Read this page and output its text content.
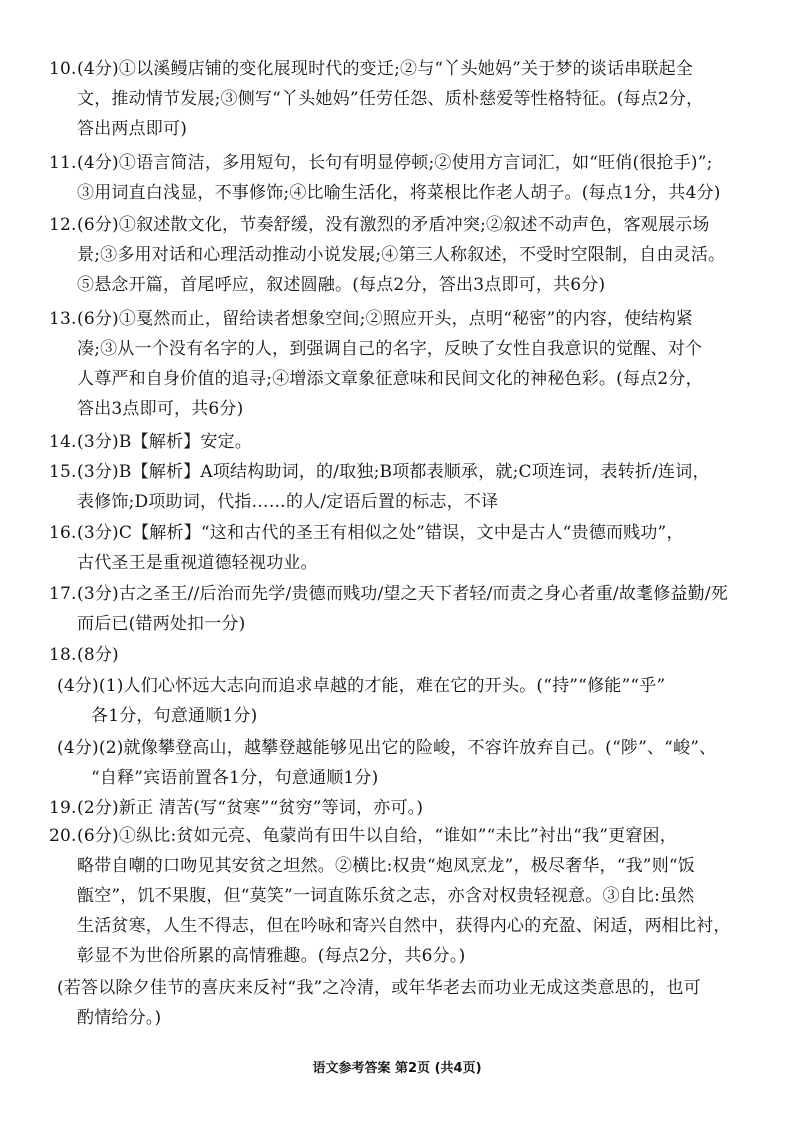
10. (4分)①以溪鳗店铺的变化展现时代的变迁;②与“丫头她妈”关于梦的谈话串联起全
文，推动情节发展;③侧写“丫头她妈”任劳任怨、质朴慈爱等性格特征。(每点2分，
答出两点即可)
11. (4分)①语言简洁，多用短句，长句有明显停顿;②使用方言词汇，如“旺俏(很抢手)”;
③用词直白浅显，不事修饰;④比喻生活化，将菜根比作老人胡子。(每点1分，共4分)
12. (6分)①叙述散文化，节奏舒缓，没有激烈的矛盾冲突;②叙述不动声色，客观展示场
景;③多用对话和心理活动推动小说发展;④第三人称叙述，不受时空限制，自由灵活。
⑤悬念开篇，首尾呼应，叙述圆融。(每点2分，答出3点即可，共6分)
13. (6分)①戛然而止，留给读者想象空间;②照应开头，点明“秘密”的内容，使结构紧
凑;③从一个没有名字的人，到强调自己的名字，反映了女性自我意识的觉醒、对个
人尊严和自身价值的追寻;④增添文章象征意味和民间文化的神秘色彩。(每点2分，
答出3点即可，共6分)
14. (3分)B【解析】安定。
15. (3分)B【解析】A项结构助词，的/取独;B项都表顺承，就;C项连词，表转折/连词，
表修饰;D项助词，代指……的人/定语后置的标志，不译
16. (3分)C【解析】“这和古代的圣王有相似之处”错误，文中是古人“贵德而贱功”，
古代圣王是重视道德轻视功业。
17. (3分)古之圣王//后治而先学/贵德而贱功/望之天下者轻/而责之身心者重/故耄修益勤/死
而后已(错两处扣一分)
18. (8分)
(4分)(1)人们心怀远大志向而追求卓越的才能，难在它的开头。(“持”“修能”“乎”
各1分，句意通顺1分)
(4分)(2)就像攀登高山，越攀登越能够见出它的险峻，不容许放弃自己。(“陟”、“峻”、
“自释”宾语前置各1分，句意通顺1分)
19. (2分)新正 清苦(写“贫寒”“贫穷”等词，亦可。)
20. (6分)①纵比:贫如元亮、龟蒙尚有田牛以自给，“谁如”“未比”衬出“我”更窘困，
略带自嘲的口吻见其安贫之坦然。②横比:权贵“炮凤烹龙”，极尽奢华，“我”则“饭
甑空”，饥不果腹，但“莫笑”一词直陈乐贫之志，亦含对权贵轻视意。③自比:虽然
生活贫寒，人生不得志，但在吟咏和寄兴自然中，获得内心的充盈、闲适，两相比衬，
彰显不为世俗所累的高情雅趣。(每点2分，共6分。)
(若答以除夕佳节的喜庆来反衬“我”之冷清，或年华老去而功业无成这类意思的，也可
酌情给分。)
语文参考答案 第2页 (共4页)
